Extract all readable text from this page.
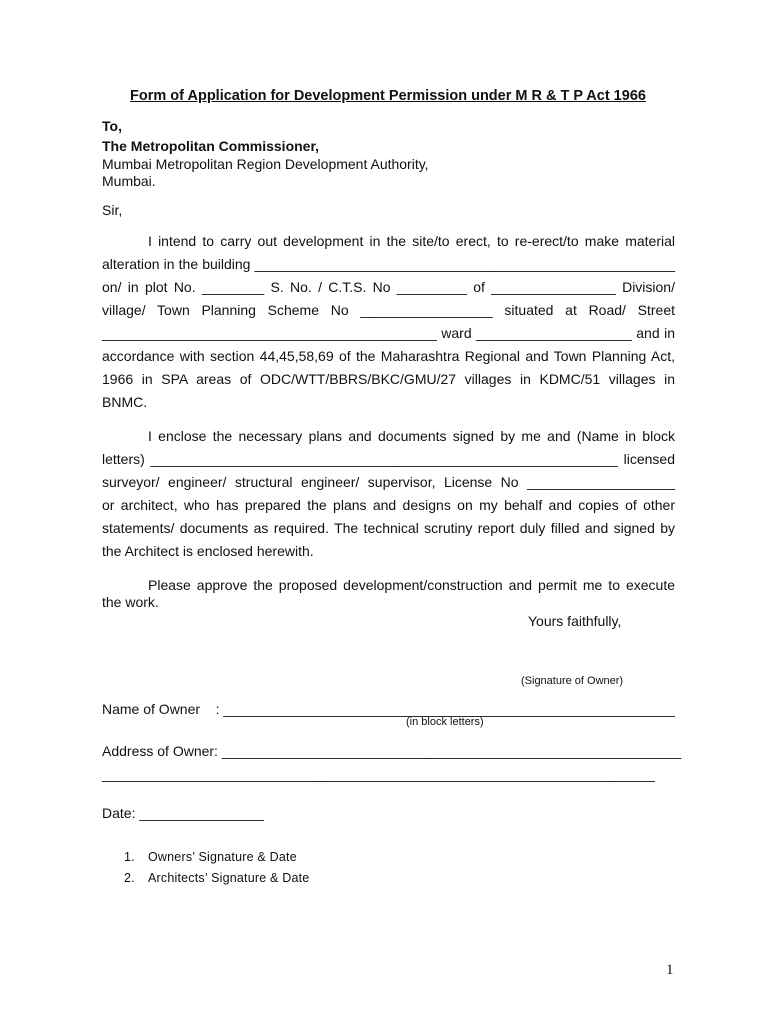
Form of Application for Development Permission under M R & T P Act 1966
To,
The Metropolitan Commissioner,
Mumbai Metropolitan Region Development Authority,
Mumbai.
Sir,
I intend to carry out development in the site/to erect, to re-erect/to make material
alteration in the building ______________________________________________________
on/ in plot No. ________ S. No. / C.T.S. No _________ of ________________ Division/
village/ Town Planning Scheme No _________________ situated at Road/ Street
___________________________________________ ward ____________________ and in
accordance with section 44,45,58,69 of the Maharashtra Regional and Town Planning Act,
1966 in SPA areas of ODC/WTT/BBRS/BKC/GMU/27 villages in KDMC/51 villages in
BNMC.
I enclose the necessary plans and documents signed by me and (Name in block
letters) ____________________________________________________________ licensed
surveyor/ engineer/ structural engineer/ supervisor, License No ___________________
or architect, who has prepared the plans and designs on my behalf and copies of other
statements/ documents as required. The technical scrutiny report duly filled and signed by
the Architect is enclosed herewith.
Please approve the proposed development/construction and permit me to execute
the work.
Yours faithfully,
(Signature of Owner)
Name of Owner    : __________________________________________________________
(in block letters)
Address of Owner: ___________________________________________________________
_______________________________________________________________________
Date: ________________
1. Owners’ Signature & Date
2. Architects’ Signature & Date
1
